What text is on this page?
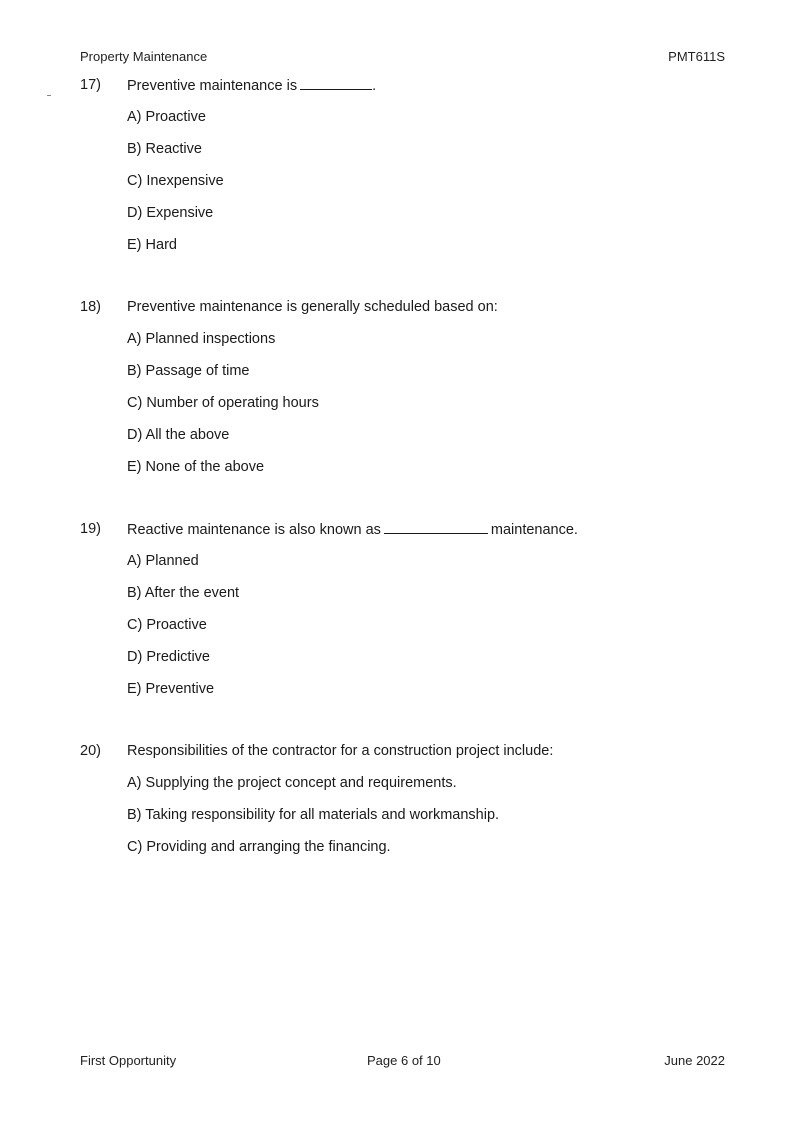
Property Maintenance	PMT611S
17)	Preventive maintenance is	.
A) Proactive
B) Reactive
C) Inexpensive
D) Expensive
E) Hard
18)	Preventive maintenance is generally scheduled based on:
A) Planned inspections
B) Passage of time
C) Number of operating hours
D) All the above
E) None of the above
19)	Reactive maintenance is also known as	maintenance.
A) Planned
B) After the event
C) Proactive
D) Predictive
E) Preventive
20)	Responsibilities of the contractor for a construction project include:
A) Supplying the project concept and requirements.
B) Taking responsibility for all materials and workmanship.
C) Providing and arranging the financing.
First Opportunity	Page 6 of 10	June 2022
